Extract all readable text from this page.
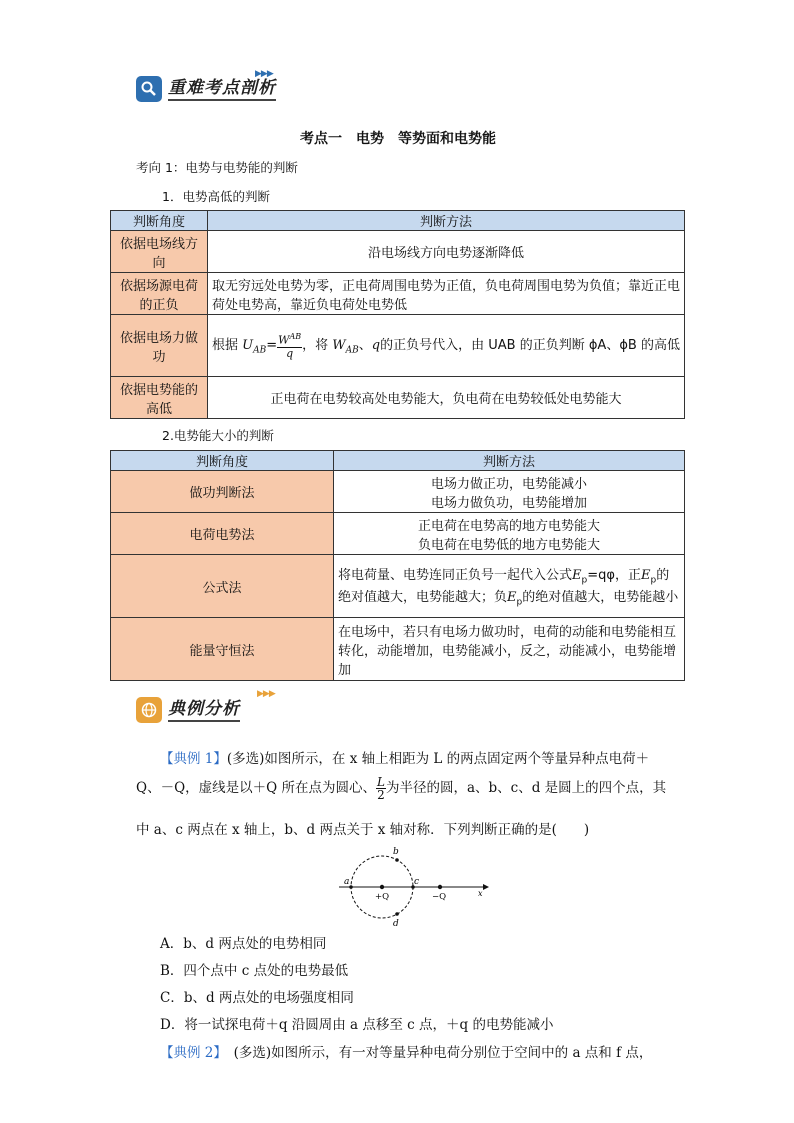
重难考点剖析
▶▶▶
考点一　电势　等势面和电势能
考向 1：电势与电势能的判断
1．电势高低的判断
判断角度	判断方法
依据电场线方向	沿电场线方向电势逐渐降低
依据场源电荷的正负	取无穷远处电势为零，正电荷周围电势为正值，负电荷周围电势为负值；靠近正电荷处电势高，靠近负电荷处电势低
依据电场力做功	根据 $U_{AB}= \frac{W^{AB}}{q}$ ，将 $W_{AB}$、q的正负号代入，由 UAB 的正负判断 ϕA、ϕB 的高低
依据电势能的高低	正电荷在电势较高处电势能大，负电荷在电势较低处电势能大
2.电势能大小的判断
判断角度	判断方法
做功判断法	电场力做正功，电势能减小
电场力做负功，电势能增加

电荷电势法	正电荷在电势高的地方电势能大
负电荷在电势低的地方电势能大

公式法	将电荷量、电势连同正负号一起代入公式$E_p=q\varphi$，正$E_p$的绝对值越大，电势能越大；负$E_p$的绝对值越大，电势能越小
能量守恒法	在电场中，若只有电场力做功时，电荷的动能和电势能相互转化，动能增加，电势能减小，反之，动能减小，电势能增加
典例分析
▶▶▶
【典例 1】(多选)如图所示，在 x 轴上相距为 L 的两点固定两个等量异种点电荷＋
Q、－Q，虚线是以＋Q 所在点为圆心、 $\frac{L}{2}$ 为半径的圆，a、b、c、d 是圆上的四个点，其
中 a、c 两点在 x 轴上，b、d 两点关于 x 轴对称．下列判断正确的是(　　)
a	c
b
d
+Q	−Q	x
A．b、d 两点处的电势相同
B．四个点中 c 点处的电势最低
C．b、d 两点处的电场强度相同
D．将一试探电荷＋q 沿圆周由 a 点移至 c 点，＋q 的电势能减小
【典例 2】　(多选)如图所示，有一对等量异种电荷分别位于空间中的 a 点和 f 点，
